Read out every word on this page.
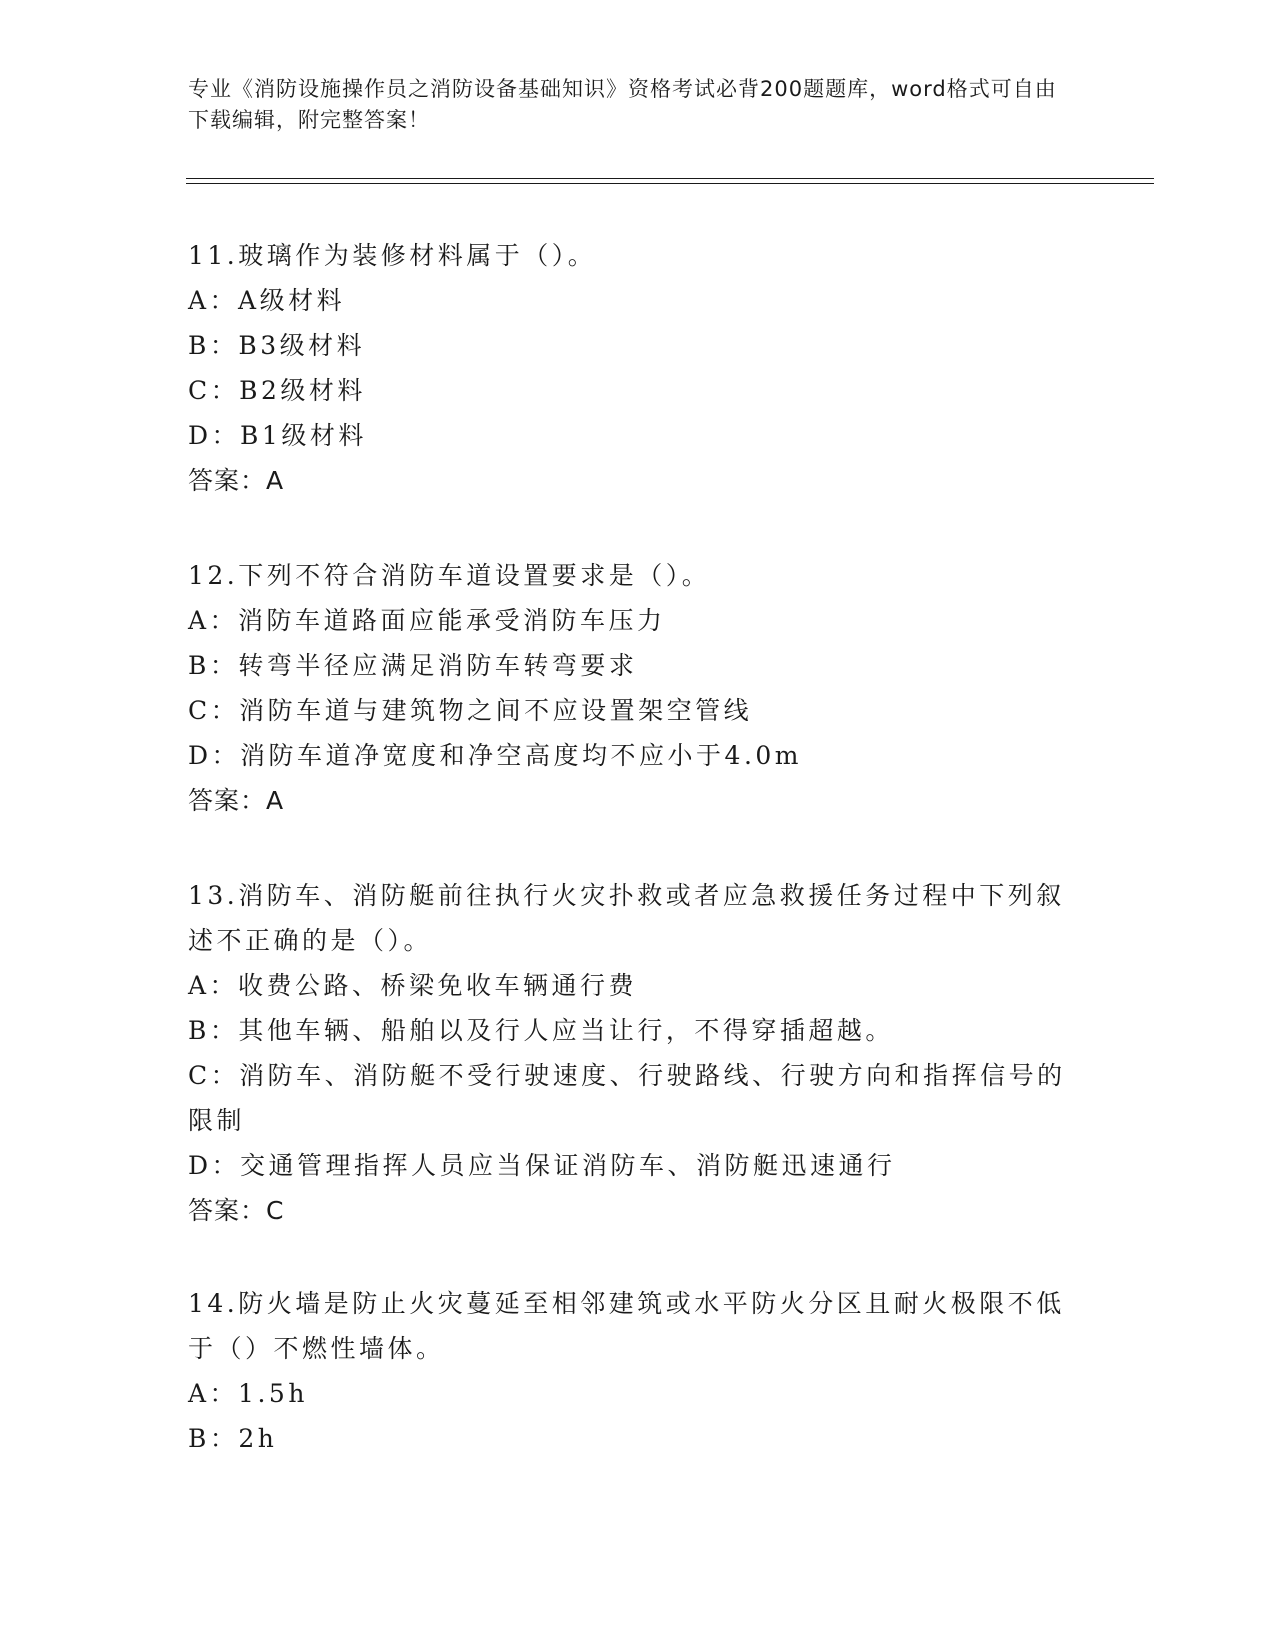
专业《消防设施操作员之消防设备基础知识》资格考试必背200题题库，word格式可自由下载编辑，附完整答案！
11.玻璃作为装修材料属于（）。
A：A级材料
B：B3级材料
C：B2级材料
D：B1级材料
答案：A
12.下列不符合消防车道设置要求是（）。
A：消防车道路面应能承受消防车压力
B：转弯半径应满足消防车转弯要求
C：消防车道与建筑物之间不应设置架空管线
D：消防车道净宽度和净空高度均不应小于4.0m
答案：A
13.消防车、消防艇前往执行火灾扑救或者应急救援任务过程中下列叙述不正确的是（）。
A：收费公路、桥梁免收车辆通行费
B：其他车辆、船舶以及行人应当让行，不得穿插超越。
C：消防车、消防艇不受行驶速度、行驶路线、行驶方向和指挥信号的限制
D：交通管理指挥人员应当保证消防车、消防艇迅速通行
答案：C
14.防火墙是防止火灾蔓延至相邻建筑或水平防火分区且耐火极限不低于（）不燃性墙体。
A：1.5h
B：2h
